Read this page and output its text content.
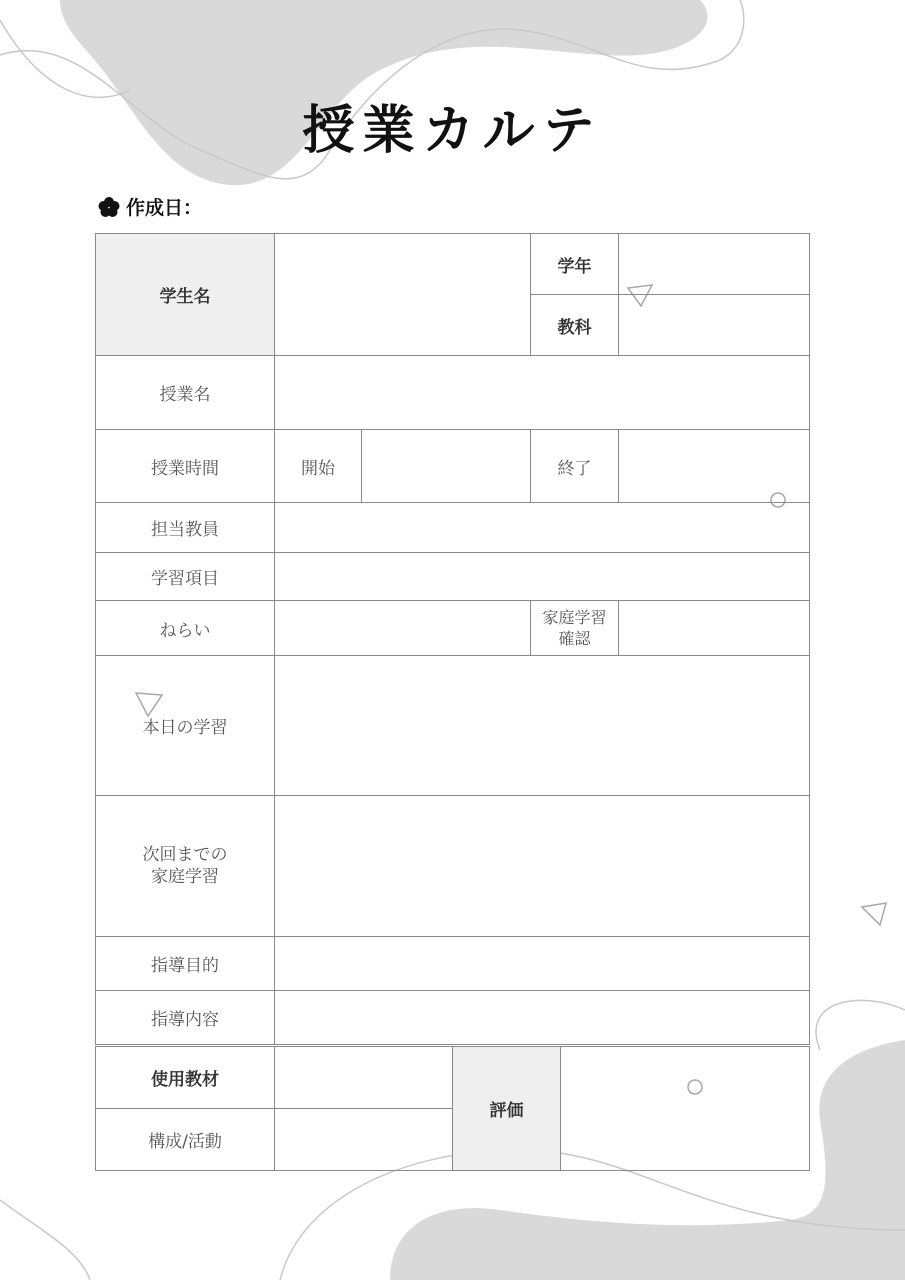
授業カルテ
作成日：
学生名			学年	
			教科	
授業名				
授業時間	開始		終了	
担当教員				
学習項目				
ねらい			家庭学習
確認	

本日の学習				

次回までの
家庭学習				

指導目的				
指導内容				
使用教材		評価	
構成/活動			
